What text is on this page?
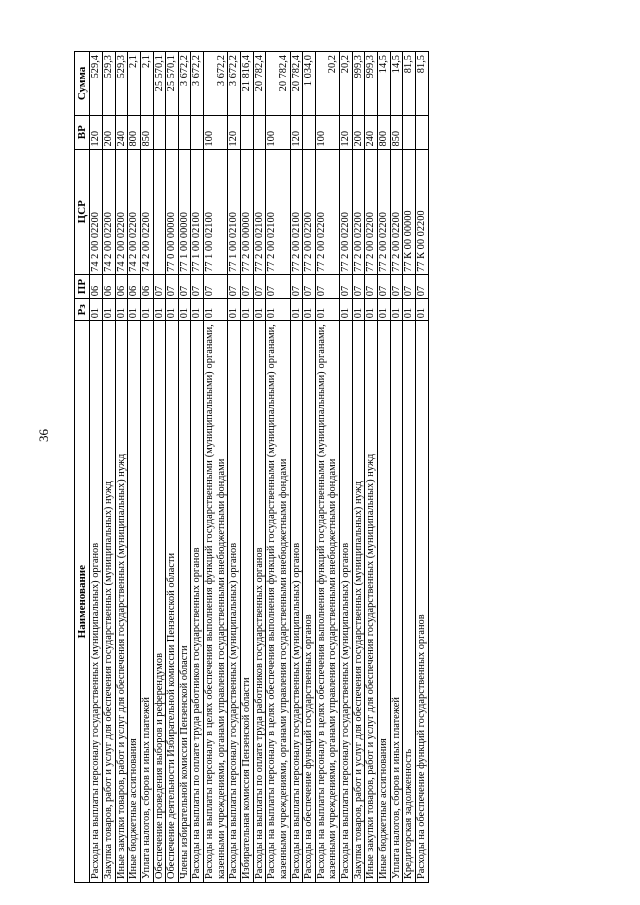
36
Наименование	Рз	ПР	ЦСР	ВР	Сумма
Расходы на выплаты персоналу государственных (муниципальных) органов	01	06	74 2 00 02200	120	529,4

Закупка товаров, работ и услуг для обеспечения государственных (муниципальных) нужд	01	06	74 2 00 02200	200	529,3

Иные закупки товаров, работ и услуг для обеспечения государственных (муниципальных) нужд	01	06	74 2 00 02200	240	529,3

Иные бюджетные ассигнования	01	06	74 2 00 02200	800	2,1

Уплата налогов, сборов и иных платежей	01	06	74 2 00 02200	850	2,1

Обеспечение проведения выборов и референдумов	01	07			25 570,1

Обеспечение деятельности Избирательной комиссии Пензенской области	01	07	77 0 00 00000		25 570,1

Члены избирательной комиссии Пензенской области	01	07	77 1 00 00000		3 672,2

Расходы на выплаты по оплате труда работников государственных органов	01	07	77 1 00 02100		3 672,2

Расходы на выплаты персоналу в целях обеспечения выполнения функций государственными (муниципальными) органами, казенными учреждениями, органами управления государственными внебюджетными фондами	01	07	77 1 00 02100	100	3 672,2

Расходы на выплаты персоналу государственных (муниципальных) органов	01	07	77 1 00 02100	120	3 672,2

Избирательная комиссия Пензенской области	01	07	77 2 00 00000		21 816,4

Расходы на выплаты по оплате труда работников государственных органов	01	07	77 2 00 02100		20 782,4

Расходы на выплаты персоналу в целях обеспечения выполнения функций государственными (муниципальными) органами, казенными учреждениями, органами управления государственными внебюджетными фондами	01	07	77 2 00 02100	100	20 782,4

Расходы на выплаты персоналу государственных (муниципальных) органов	01	07	77 2 00 02100	120	20 782,4

Расходы на обеспечение функций государственных органов	01	07	77 2 00 02200		1 034,0

Расходы на выплаты персоналу в целях обеспечения выполнения функций государственными (муниципальными) органами, казенными учреждениями, органами управления государственными внебюджетными фондами	01	07	77 2 00 02200	100	20,2

Расходы на выплаты персоналу государственных (муниципальных) органов	01	07	77 2 00 02200	120	20,2

Закупка товаров, работ и услуг для обеспечения государственных (муниципальных) нужд	01	07	77 2 00 02200	200	999,3

Иные закупки товаров, работ и услуг для обеспечения государственных (муниципальных) нужд	01	07	77 2 00 02200	240	999,3

Иные бюджетные ассигнования	01	07	77 2 00 02200	800	14,5

Уплата налогов, сборов и иных платежей	01	07	77 2 00 02200	850	14,5

Кредиторская задолженность	01	07	77 К 00 00000		81,5

Расходы на обеспечение функций государственных органов	01	07	77 К 00 02200		81,5
